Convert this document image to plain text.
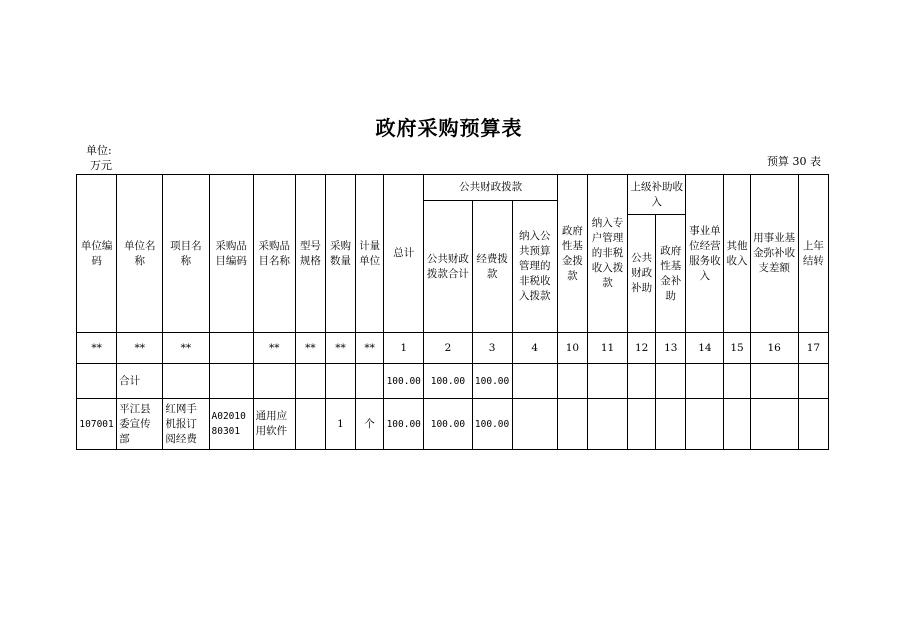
政府采购预算表
单位:
万元	预算 30 表
单位编码	单位名称	项目名称	采购品目编码	采购品目名称	型号规格	采购数量	计量单位	总计	公共财政拨款			政府性基金拨款	纳入专户管理的非税收入拨款	上级补助收入		事业单位经营服务收入	其他收入	用事业基金弥补收支差额	上年结转
									公共财政拨款合计	经费拨款	纳入公共预算管理的非税收入拨款								
														公共财政补助	政府性基金补助				
**	**	**		**	**	**	**	1	2	3	4	10	11	12	13	14	15	16	17
	合计							100.00	100.00	100.00									
107001	平江县委宣传部	红网手机报订阅经费	A0201080301	通用应用软件		1	个	100.00	100.00	100.00									
